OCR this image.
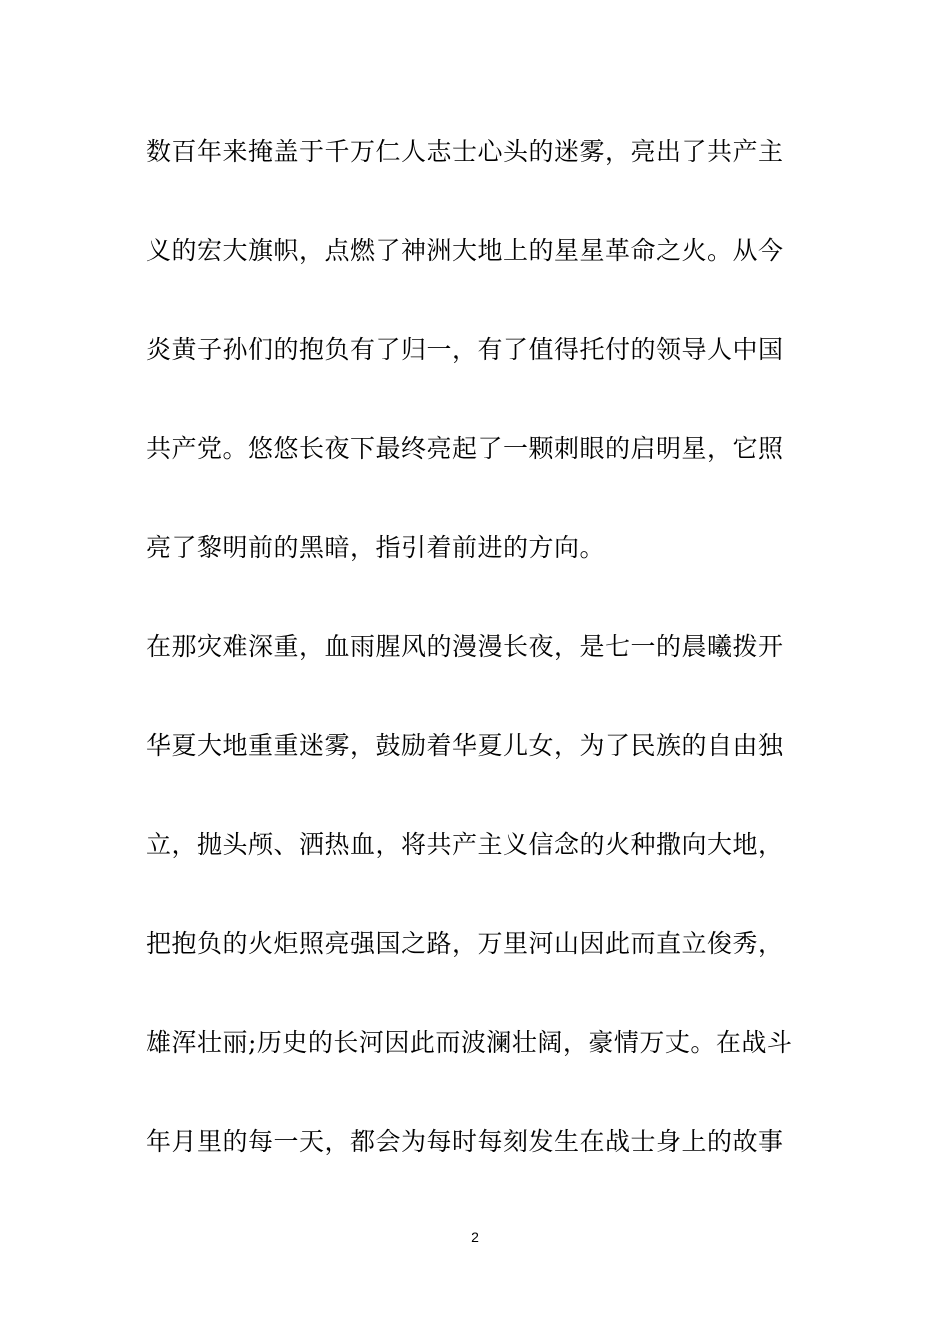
数百年来掩盖于千万仁人志士心头的迷雾，亮出了共产主
义的宏大旗帜，点燃了神洲大地上的星星革命之火。从今
炎黄子孙们的抱负有了归一，有了值得托付的领导人中国
共产党。悠悠长夜下最终亮起了一颗刺眼的启明星，它照
亮了黎明前的黑暗，指引着前进的方向。
在那灾难深重，血雨腥风的漫漫长夜，是七一的晨曦拨开
华夏大地重重迷雾，鼓励着华夏儿女，为了民族的自由独
立，抛头颅、洒热血，将共产主义信念的火种撒向大地，
把抱负的火炬照亮强国之路，万里河山因此而直立俊秀，
雄浑壮丽;历史的长河因此而波澜壮阔，豪情万丈。在战斗
年月里的每一天，都会为每时每刻发生在战士身上的故事
2
